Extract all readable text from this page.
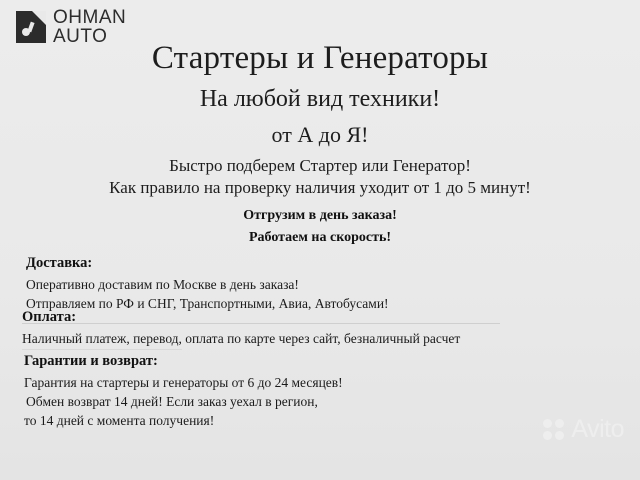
OHMAN
AUTO
Стартеры и Генераторы
На любой вид техники!
от А до Я!
Быстро подберем Стартер или Генератор!
Как правило на проверку наличия уходит от 1 до 5 минут!
Отгрузим в день заказа!
Работаем на скорость!
Доставка:
Оперативно доставим по Москве в день заказа!
Отправляем по РФ и СНГ, Транспортными, Авиа, Автобусами!
Оплата:
Наличный платеж, перевод, оплата по карте через сайт, безналичный расчет
Гарантии и возврат:
Гарантия на стартеры и генераторы от 6 до 24 месяцев!
Обмен возврат 14 дней! Если заказ уехал в регион,
то 14 дней с момента получения!	Avito
